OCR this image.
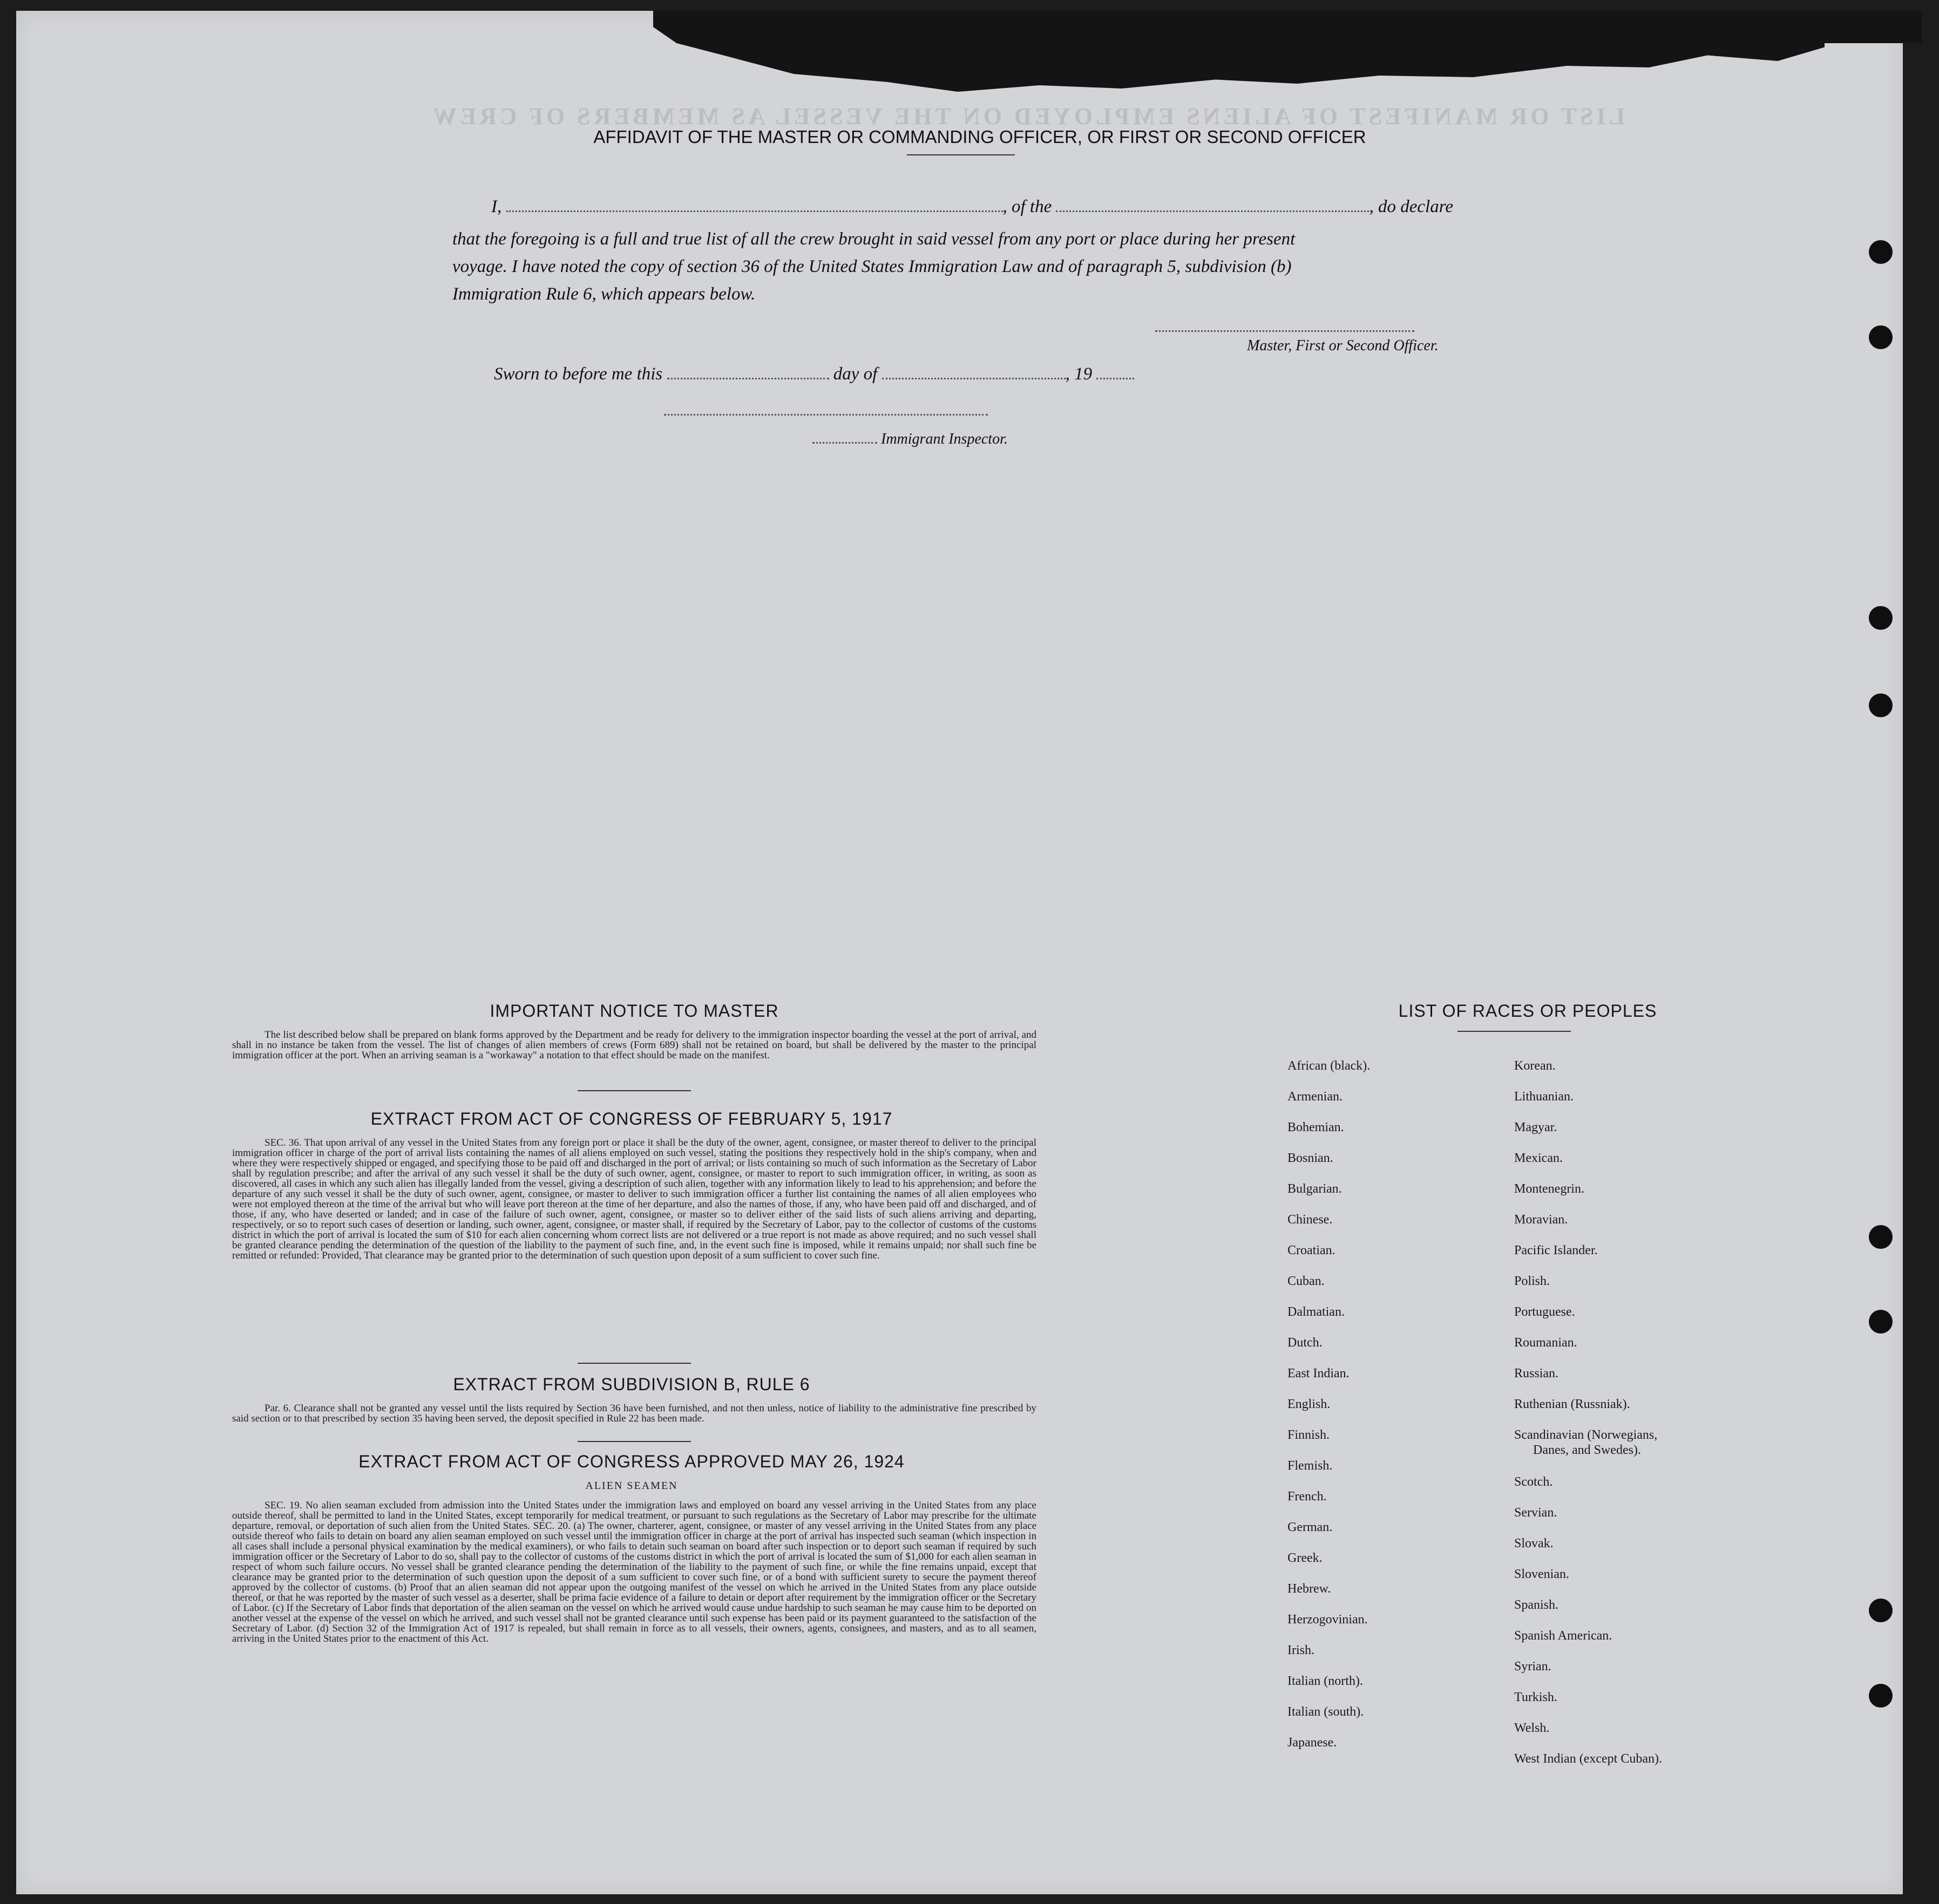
LIST OR MANIFEST OF ALIENS EMPLOYED ON THE VESSEL AS MEMBERS OF CREW
AFFIDAVIT OF THE MASTER OR COMMANDING OFFICER, OR FIRST OR SECOND OFFICER
I,	, of the	, do declare
that the foregoing is a full and true list of all the crew brought in said vessel from any port or place during her present
voyage. I have noted the copy of section 36 of the United States Immigration Law and of paragraph 5, subdivision (b)
Immigration Rule 6, which appears below.
Master, First or Second Officer.
Sworn to before me this	day of	, 19
Immigrant Inspector.
IMPORTANT NOTICE TO MASTER
The list described below shall be prepared on blank forms approved by the Department and be ready for delivery to the immigration inspector boarding the vessel at the port of arrival, and shall in no instance be taken from the vessel. The list of changes of alien members of crews (Form 689) shall not be retained on board, but shall be delivered by the master to the principal immigration officer at the port. When an arriving seaman is a "workaway" a notation to that effect should be made on the manifest.
EXTRACT FROM ACT OF CONGRESS OF FEBRUARY 5, 1917
SEC. 36. That upon arrival of any vessel in the United States from any foreign port or place it shall be the duty of the owner, agent, consignee, or master thereof to deliver to the principal immigration officer in charge of the port of arrival lists containing the names of all aliens employed on such vessel, stating the positions they respectively hold in the ship's company, when and where they were respectively shipped or engaged, and specifying those to be paid off and discharged in the port of arrival; or lists containing so much of such information as the Secretary of Labor shall by regulation prescribe; and after the arrival of any such vessel it shall be the duty of such owner, agent, consignee, or master to report to such immigration officer, in writing, as soon as discovered, all cases in which any such alien has illegally landed from the vessel, giving a description of such alien, together with any information likely to lead to his apprehension; and before the departure of any such vessel it shall be the duty of such owner, agent, consignee, or master to deliver to such immigration officer a further list containing the names of all alien employees who were not employed thereon at the time of the arrival but who will leave port thereon at the time of her departure, and also the names of those, if any, who have been paid off and discharged, and of those, if any, who have deserted or landed; and in case of the failure of such owner, agent, consignee, or master so to deliver either of the said lists of such aliens arriving and departing, respectively, or so to report such cases of desertion or landing, such owner, agent, consignee, or master shall, if required by the Secretary of Labor, pay to the collector of customs of the customs district in which the port of arrival is located the sum of $10 for each alien concerning whom correct lists are not delivered or a true report is not made as above required; and no such vessel shall be granted clearance pending the determination of the question of the liability to the payment of such fine, and, in the event such fine is imposed, while it remains unpaid; nor shall such fine be remitted or refunded: Provided, That clearance may be granted prior to the determination of such question upon deposit of a sum sufficient to cover such fine.
EXTRACT FROM SUBDIVISION B, RULE 6
Par. 6. Clearance shall not be granted any vessel until the lists required by Section 36 have been furnished, and not then unless, notice of liability to the administrative fine prescribed by said section or to that prescribed by section 35 having been served, the deposit specified in Rule 22 has been made.
EXTRACT FROM ACT OF CONGRESS APPROVED MAY 26, 1924
ALIEN SEAMEN
SEC. 19. No alien seaman excluded from admission into the United States under the immigration laws and employed on board any vessel arriving in the United States from any place outside thereof, shall be permitted to land in the United States, except temporarily for medical treatment, or pursuant to such regulations as the Secretary of Labor may prescribe for the ultimate departure, removal, or deportation of such alien from the United States. SEC. 20. (a) The owner, charterer, agent, consignee, or master of any vessel arriving in the United States from any place outside thereof who fails to detain on board any alien seaman employed on such vessel until the immigration officer in charge at the port of arrival has inspected such seaman (which inspection in all cases shall include a personal physical examination by the medical examiners), or who fails to detain such seaman on board after such inspection or to deport such seaman if required by such immigration officer or the Secretary of Labor to do so, shall pay to the collector of customs of the customs district in which the port of arrival is located the sum of $1,000 for each alien seaman in respect of whom such failure occurs. No vessel shall be granted clearance pending the determination of the liability to the payment of such fine, or while the fine remains unpaid, except that clearance may be granted prior to the determination of such question upon the deposit of a sum sufficient to cover such fine, or of a bond with sufficient surety to secure the payment thereof approved by the collector of customs. (b) Proof that an alien seaman did not appear upon the outgoing manifest of the vessel on which he arrived in the United States from any place outside thereof, or that he was reported by the master of such vessel as a deserter, shall be prima facie evidence of a failure to detain or deport after requirement by the immigration officer or the Secretary of Labor. (c) If the Secretary of Labor finds that deportation of the alien seaman on the vessel on which he arrived would cause undue hardship to such seaman he may cause him to be deported on another vessel at the expense of the vessel on which he arrived, and such vessel shall not be granted clearance until such expense has been paid or its payment guaranteed to the satisfaction of the Secretary of Labor. (d) Section 32 of the Immigration Act of 1917 is repealed, but shall remain in force as to all vessels, their owners, agents, consignees, and masters, and as to all seamen, arriving in the United States prior to the enactment of this Act.
LIST OF RACES OR PEOPLES
African (black).
Armenian.
Bohemian.
Bosnian.
Bulgarian.
Chinese.
Croatian.
Cuban.
Dalmatian.
Dutch.
East Indian.
English.
Finnish.
Flemish.
French.
German.
Greek.
Hebrew.
Herzogovinian.
Irish.
Italian (north).
Italian (south).
Japanese.
Korean.
Lithuanian.
Magyar.
Mexican.
Montenegrin.
Moravian.
Pacific Islander.
Polish.
Portuguese.
Roumanian.
Russian.
Ruthenian (Russniak).
Scandinavian (Norwegians,
Danes, and Swedes).
Scotch.
Servian.
Slovak.
Slovenian.
Spanish.
Spanish American.
Syrian.
Turkish.
Welsh.
West Indian (except Cuban).
